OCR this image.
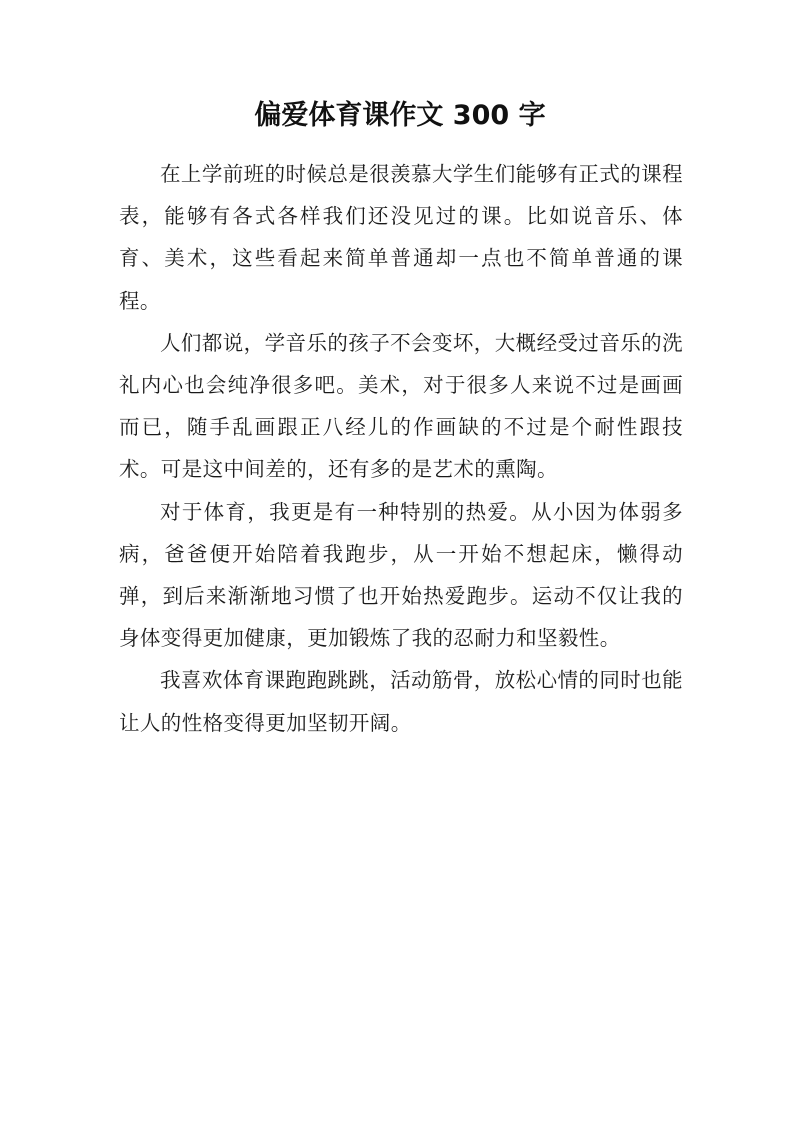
偏爱体育课作文 300 字

在上学前班的时候总是很羡慕大学生们能够有正式的课程表，能够有各式各样我们还没见过的课。比如说音乐、体育、美术，这些看起来简单普通却一点也不简单普通的课程。

人们都说，学音乐的孩子不会变坏，大概经受过音乐的洗礼内心也会纯净很多吧。美术，对于很多人来说不过是画画而已，随手乱画跟正八经儿的作画缺的不过是个耐性跟技术。可是这中间差的，还有多的是艺术的熏陶。

对于体育，我更是有一种特别的热爱。从小因为体弱多病，爸爸便开始陪着我跑步，从一开始不想起床，懒得动弹，到后来渐渐地习惯了也开始热爱跑步。运动不仅让我的身体变得更加健康，更加锻炼了我的忍耐力和坚毅性。

我喜欢体育课跑跑跳跳，活动筋骨，放松心情的同时也能让人的性格变得更加坚韧开阔。
